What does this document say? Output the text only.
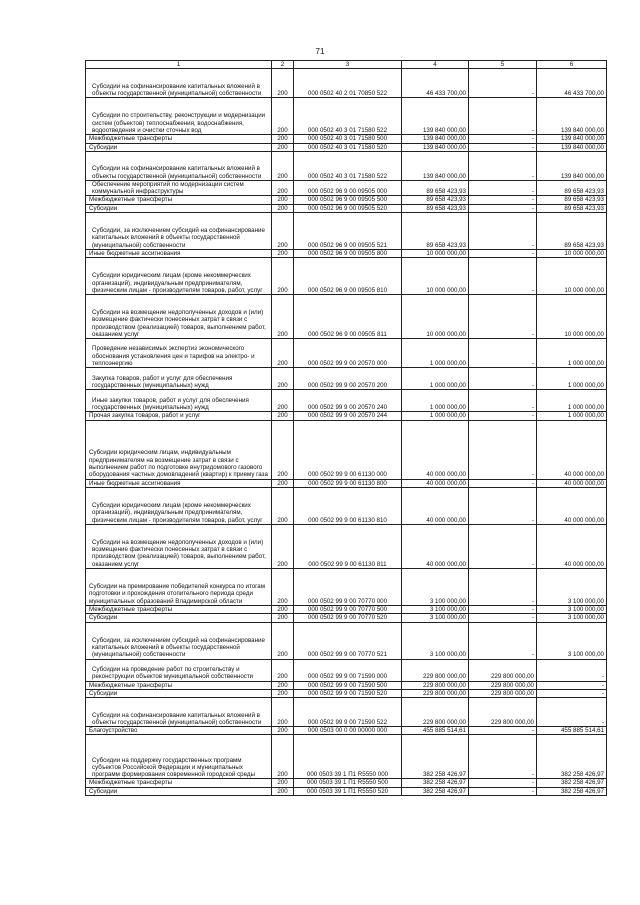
71
1	2	3	4	5	6
Субсидии на софинансирование капитальных вложений в объекты государственной (муниципальной) собственности	200	000 0502 40 2 01 70850 522	46 433 700,00	-	46 433 700,00
Субсидии по строительству, реконструкции и модернизации систем (объектов) теплоснабжения, водоснабжения, водоотведения и очистки сточных вод	200	000 0502 40 3 01 71580 522	139 840 000,00	-	139 840 000,00
Межбюджетные трансферты	200	000 0502 40 3 01 71580 500	139 840 000,00	-	139 840 000,00
Субсидии	200	000 0502 40 3 01 71580 520	139 840 000,00	-	139 840 000,00
Субсидии на софинансирование капитальных вложений в объекты государственной (муниципальной) собственности	200	000 0502 40 3 01 71580 522	139 840 000,00	-	139 840 000,00
Обеспечение мероприятий по модернизации систем коммунальной инфраструктуры	200	000 0502 96 9 00 09505 000	89 658 423,93	-	89 658 423,93
Межбюджетные трансферты	200	000 0502 96 9 00 09505 500	89 658 423,93	-	89 658 423,93
Субсидии	200	000 0502 96 9 00 09505 520	89 658 423,93	-	89 658 423,93
Субсидии, за исключением субсидий на софинансирование капитальных вложений в объекты государственной (муниципальной) собственности	200	000 0502 96 9 00 09505 521	89 658 423,93	-	89 658 423,93
Иные бюджетные ассигнования	200	000 0502 96 9 00 09505 800	10 000 000,00	-	10 000 000,00
Субсидии юридическим лицам (кроме некоммерческих организаций), индивидуальным предпринимателям, физическим лицам - производителям товаров, работ, услуг	200	000 0502 96 9 00 09505 810	10 000 000,00	-	10 000 000,00
Субсидии на возмещение недополученных доходов и (или) возмещение фактически понесенных затрат в связи с производством (реализацией) товаров, выполнением работ, оказанием услуг	200	000 0502 96 9 00 09505 811	10 000 000,00	-	10 000 000,00
Проведение независимых экспертиз экономического обоснования установления цен и тарифов на электро- и теплоэнергию	200	000 0502 99 9 00 20570 000	1 000 000,00	-	1 000 000,00
Закупка товаров, работ и услуг для обеспечения государственных (муниципальных) нужд	200	000 0502 99 9 00 20570 200	1 000 000,00	-	1 000 000,00
Иные закупки товаров, работ и услуг для обеспечения государственных (муниципальных) нужд	200	000 0502 99 9 00 20570 240	1 000 000,00	-	1 000 000,00
Прочая закупка товаров, работ и услуг	200	000 0502 99 9 00 20570 244	1 000 000,00	-	1 000 000,00
Субсидии юридическим лицам, индивидуальным предпринимателям на возмещение затрат в связи с выполнением работ по подготовке внутридомового газового оборудования частных домовладений (квартир) к приему газа	200	000 0502 99 9 00 61130 000	40 000 000,00	-	40 000 000,00
Иные бюджетные ассигнования	200	000 0502 99 9 00 61130 800	40 000 000,00	-	40 000 000,00
Субсидии юридическим лицам (кроме некоммерческих организаций), индивидуальным предпринимателям, физическим лицам - производителям товаров, работ, услуг	200	000 0502 99 9 00 61130 810	40 000 000,00	-	40 000 000,00
Субсидии на возмещение недополученных доходов и (или) возмещение фактически понесенных затрат в связи с производством (реализацией) товаров, выполнением работ, оказанием услуг	200	000 0502 99 9 00 61130 811	40 000 000,00	-	40 000 000,00
Субсидии на премирование победителей конкурса по итогам подготовки и прохождения отопительного периода среди муниципальных образований Владимирской области	200	000 0502 99 9 00 70770 000	3 100 000,00	-	3 100 000,00
Межбюджетные трансферты	200	000 0502 99 9 00 70770 500	3 100 000,00	-	3 100 000,00
Субсидии	200	000 0502 99 9 00 70770 520	3 100 000,00	-	3 100 000,00
Субсидии, за исключением субсидий на софинансирование капитальных вложений в объекты государственной (муниципальной) собственности	200	000 0502 99 9 00 70770 521	3 100 000,00	-	3 100 000,00
Субсидии на проведение работ по строительству и реконструкции объектов муниципальной собственности	200	000 0502 99 9 00 71590 000	229 800 000,00	229 800 000,00	-
Межбюджетные трансферты	200	000 0502 99 9 00 71590 500	229 800 000,00	229 800 000,00	-
Субсидии	200	000 0502 99 9 00 71590 520	229 800 000,00	229 800 000,00	-
Субсидии на софинансирование капитальных вложений в объекты государственной (муниципальной) собственности	200	000 0502 99 9 00 71590 522	229 800 000,00	229 800 000,00	-
Благоустройство	200	000 0503 00 0 00 00000 000	455 885 514,61	-	455 885 514,61
Субсидии на поддержку государственных программ субъектов Российской Федерации и муниципальных программ формирования современной городской среды	200	000 0503 39 1 П1 R5550 000	382 258 426,97	-	382 258 426,97
Межбюджетные трансферты	200	000 0503 39 1 П1 R5550 500	382 258 426,97	-	382 258 426,97
Субсидии	200	000 0503 39 1 П1 R5550 520	382 258 426,97	-	382 258 426,97
